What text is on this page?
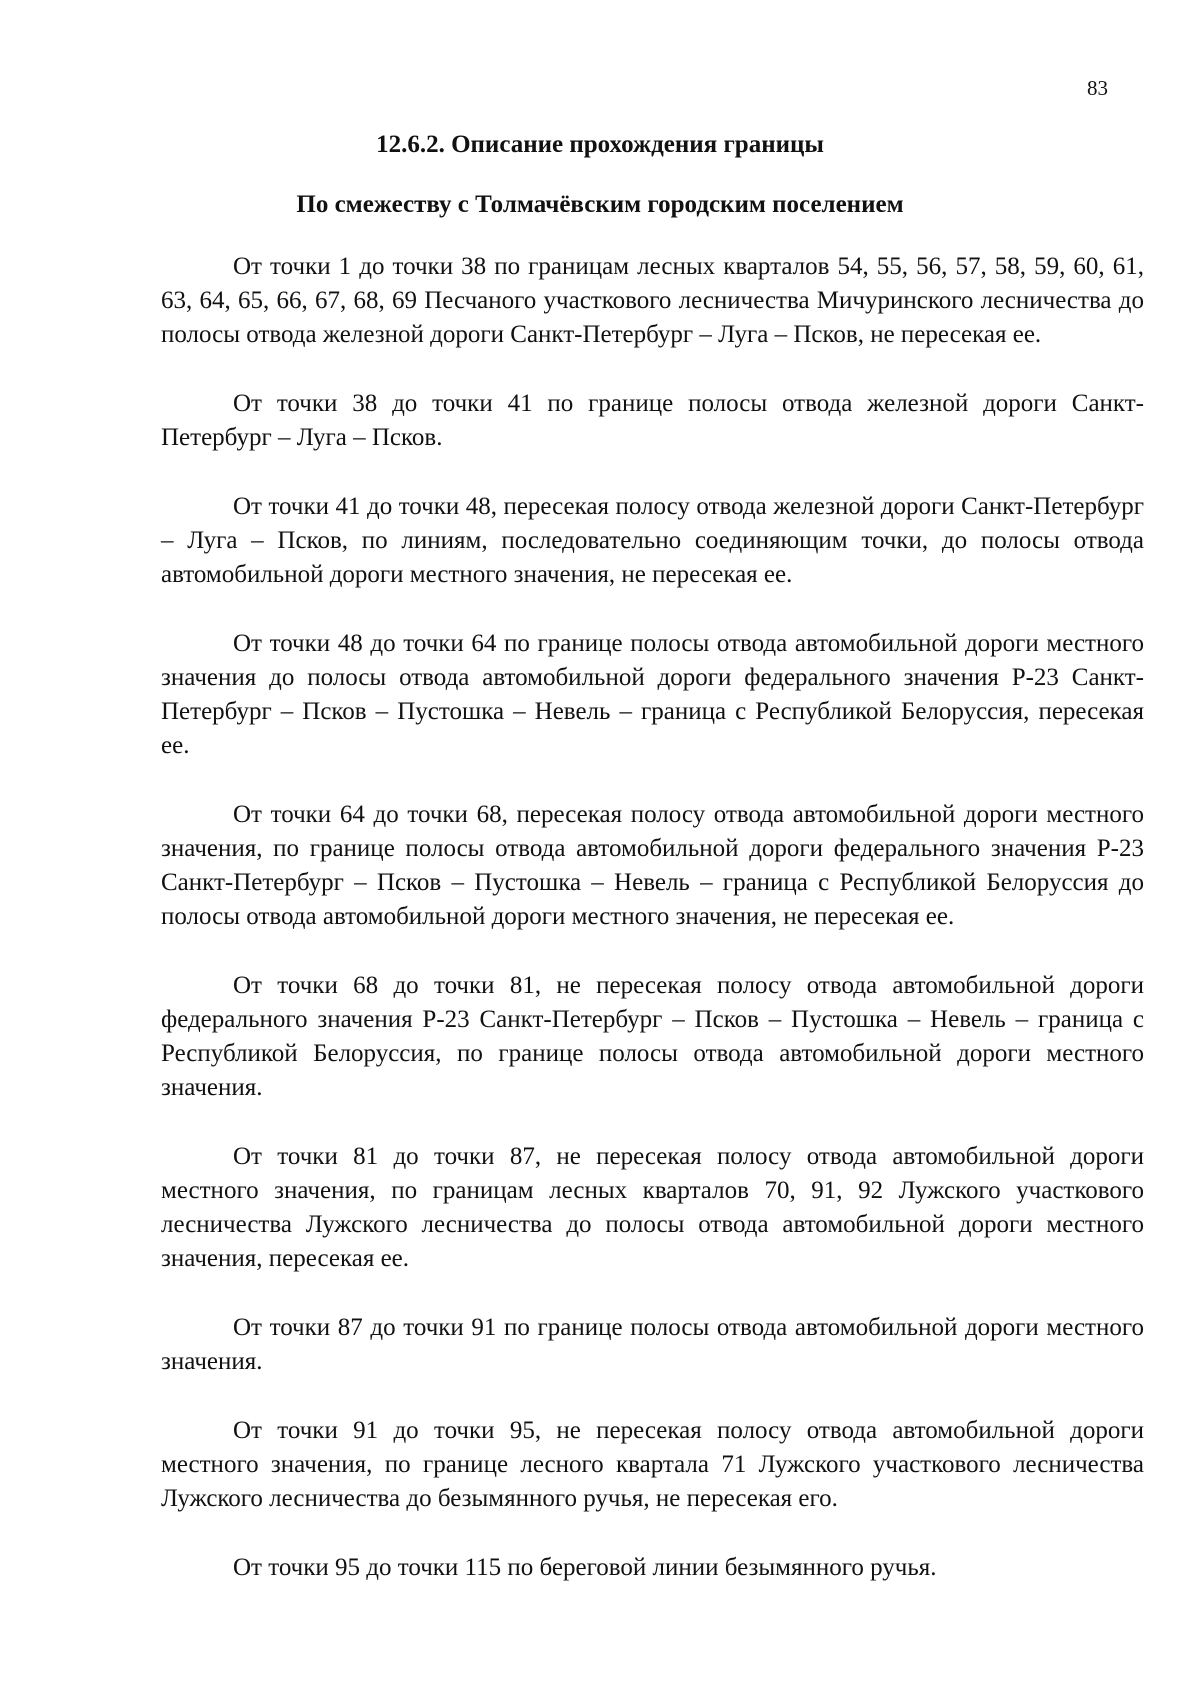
83
12.6.2. Описание прохождения границы
По смежеству с Толмачёвским городским поселением

От точки 1 до точки 38 по границам лесных кварталов 54, 55, 56, 57, 58, 59, 60, 61, 63, 64, 65, 66, 67, 68, 69 Песчаного участкового лесничества Мичуринского лесничества до полосы отвода железной дороги Санкт-Петербург – Луга – Псков, не пересекая ее.

От точки 38 до точки 41 по границе полосы отвода железной дороги Санкт-Петербург – Луга – Псков.

От точки 41 до точки 48, пересекая полосу отвода железной дороги Санкт-Петербург – Луга – Псков, по линиям, последовательно соединяющим точки, до полосы отвода автомобильной дороги местного значения, не пересекая ее.

От точки 48 до точки 64 по границе полосы отвода автомобильной дороги местного значения до полосы отвода автомобильной дороги федерального значения Р-23 Санкт-Петербург – Псков – Пустошка – Невель – граница с Республикой Белоруссия, пересекая ее.

От точки 64 до точки 68, пересекая полосу отвода автомобильной дороги местного значения, по границе полосы отвода автомобильной дороги федерального значения Р-23 Санкт-Петербург – Псков – Пустошка – Невель – граница с Республикой Белоруссия до полосы отвода автомобильной дороги местного значения, не пересекая ее.

От точки 68 до точки 81, не пересекая полосу отвода автомобильной дороги федерального значения Р-23 Санкт-Петербург – Псков – Пустошка – Невель – граница с Республикой Белоруссия, по границе полосы отвода автомобильной дороги местного значения.

От точки 81 до точки 87, не пересекая полосу отвода автомобильной дороги местного значения, по границам лесных кварталов 70, 91, 92 Лужского участкового лесничества Лужского лесничества до полосы отвода автомобильной дороги местного значения, пересекая ее.

От точки 87 до точки 91 по границе полосы отвода автомобильной дороги местного значения.

От точки 91 до точки 95, не пересекая полосу отвода автомобильной дороги местного значения, по границе лесного квартала 71 Лужского участкового лесничества Лужского лесничества до безымянного ручья, не пересекая его.

От точки 95 до точки 115 по береговой линии безымянного ручья.
